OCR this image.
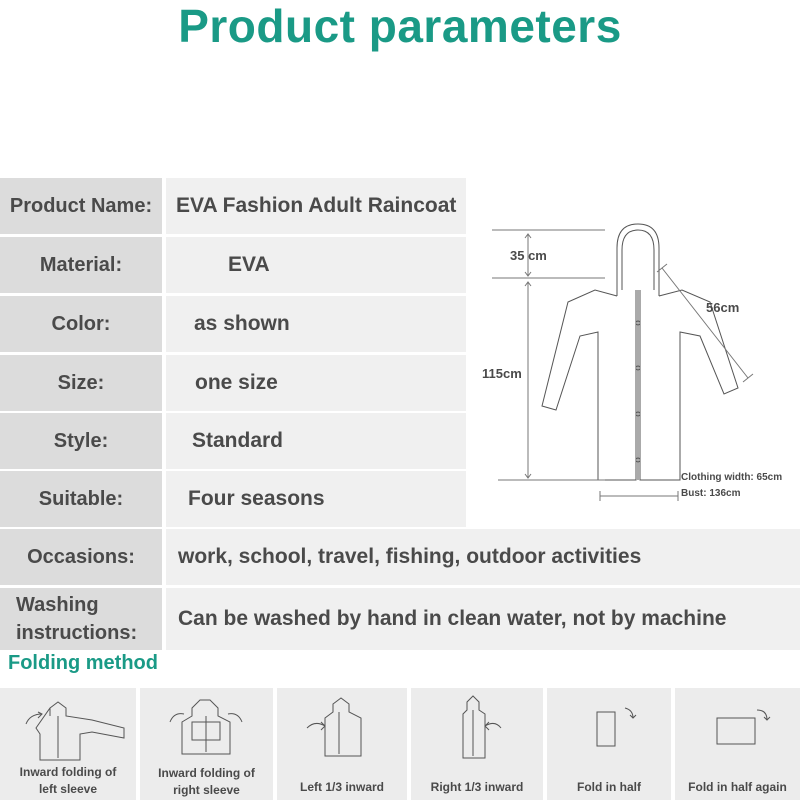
Product parameters
Product Name:	EVA Fashion Adult Raincoat
Material:	EVA
Color:	as shown
Size:	one size
Style:	Standard
Suitable:	Four seasons
Occasions:	work, school, travel, fishing, outdoor activities
Washing
instructions:
Can be washed by hand in clean water, not by machine
35 cm
115cm
56cm
Clothing width: 65cm
Bust: 136cm
Folding method
Inward folding of
left sleeve
Inward folding of
right sleeve	Left 1/3 inward	Right 1/3 inward	Fold in half	Fold in half again
